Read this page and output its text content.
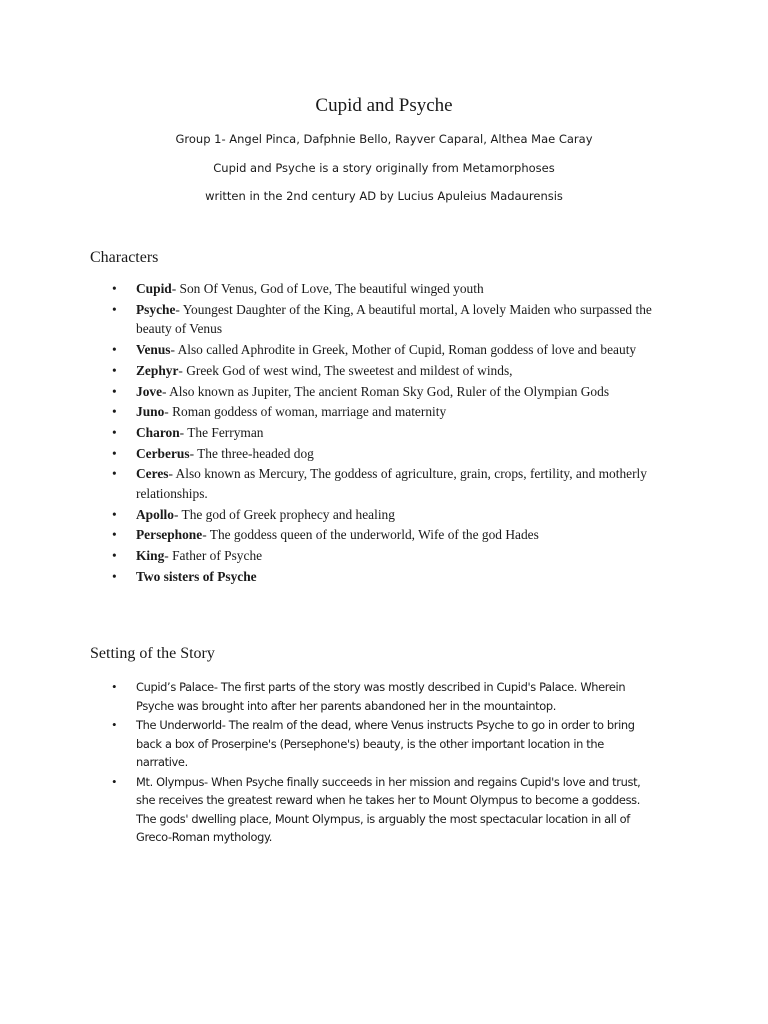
Cupid and Psyche
Group 1- Angel Pinca, Dafphnie Bello, Rayver Caparal, Althea Mae Caray
Cupid and Psyche is a story originally from Metamorphoses
written in the 2nd century AD by Lucius Apuleius Madaurensis
Characters
• Cupid- Son Of Venus, God of Love, The beautiful winged youth
• Psyche- Youngest Daughter of the King, A beautiful mortal, A lovely Maiden who surpassed the beauty of Venus
• Venus- Also called Aphrodite in Greek, Mother of Cupid, Roman goddess of love and beauty
• Zephyr- Greek God of west wind, The sweetest and mildest of winds,
• Jove- Also known as Jupiter, The ancient Roman Sky God, Ruler of the Olympian Gods
• Juno- Roman goddess of woman, marriage and maternity
• Charon- The Ferryman
• Cerberus- The three-headed dog
• Ceres- Also known as Mercury, The goddess of agriculture, grain, crops, fertility, and motherly relationships.
• Apollo- The god of Greek prophecy and healing
• Persephone- The goddess queen of the underworld, Wife of the god Hades
• King- Father of Psyche
• Two sisters of Psyche
Setting of the Story
• Cupid’s Palace- The first parts of the story was mostly described in Cupid's Palace. Wherein Psyche was brought into after her parents abandoned her in the mountaintop.
• The Underworld- The realm of the dead, where Venus instructs Psyche to go in order to bring back a box of Proserpine's (Persephone's) beauty, is the other important location in the narrative.
• Mt. Olympus- When Psyche finally succeeds in her mission and regains Cupid's love and trust, she receives the greatest reward when he takes her to Mount Olympus to become a goddess. The gods' dwelling place, Mount Olympus, is arguably the most spectacular location in all of Greco-Roman mythology.
